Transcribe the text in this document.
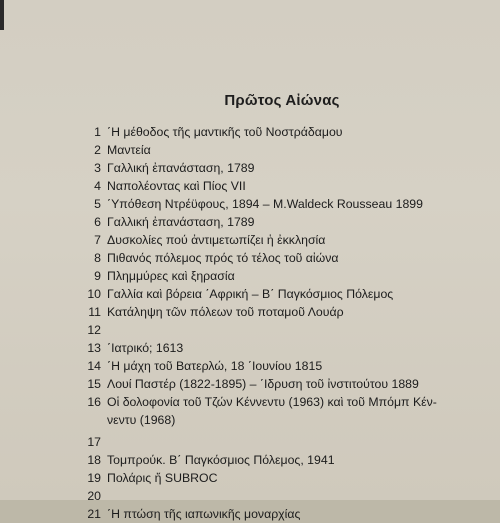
Πρῶτος Αἰώνας
1 ΄Η μέθοδος τῆς μαντικῆς τοῦ Νοστράδαμου
2 Μαντεία
3 Γαλλική ἐπανάσταση, 1789
4 Ναπολέοντας καὶ Πίος VII
5 ΄Υπόθεση Ντρέϋφους, 1894 – M.Waldeck Rousseau 1899
6 Γαλλική ἐπανάσταση, 1789
7 Δυσκολίες πού ἀντιμετωπίζει ἡ ἐκκλησία
8 Πιθανός πόλεμος πρός τό τέλος τοῦ αἰώνα
9 Πλημμύρες καὶ ξηρασία
10 Γαλλία καὶ βόρεια ΄Αφρική – Β΄ Παγκόσμιος Πόλεμος
11 Κατάληψη τῶν πόλεων τοῦ ποταμοῦ Λουάρ
12
13 ΄Ιατρικό; 1613
14 ΄Η μάχη τοῦ Βατερλώ, 18 ΄Ιουνίου 1815
15 Λουί Παστέρ (1822-1895) – ΄Ιδρυση τοῦ ἰνστιτούτου 1889
16 Οἱ δολοφονία τοῦ Τζών Κέννεντυ (1963) καὶ τοῦ Μπόμπ Κέν-
νεντυ (1968)
17
18 Τομπρούκ. Β΄ Παγκόσμιος Πόλεμος, 1941
19 Πολάρις ἤ SUBROC
20
21 ΄Η πτώση τῆς ιαπωνικῆς μοναρχίας
